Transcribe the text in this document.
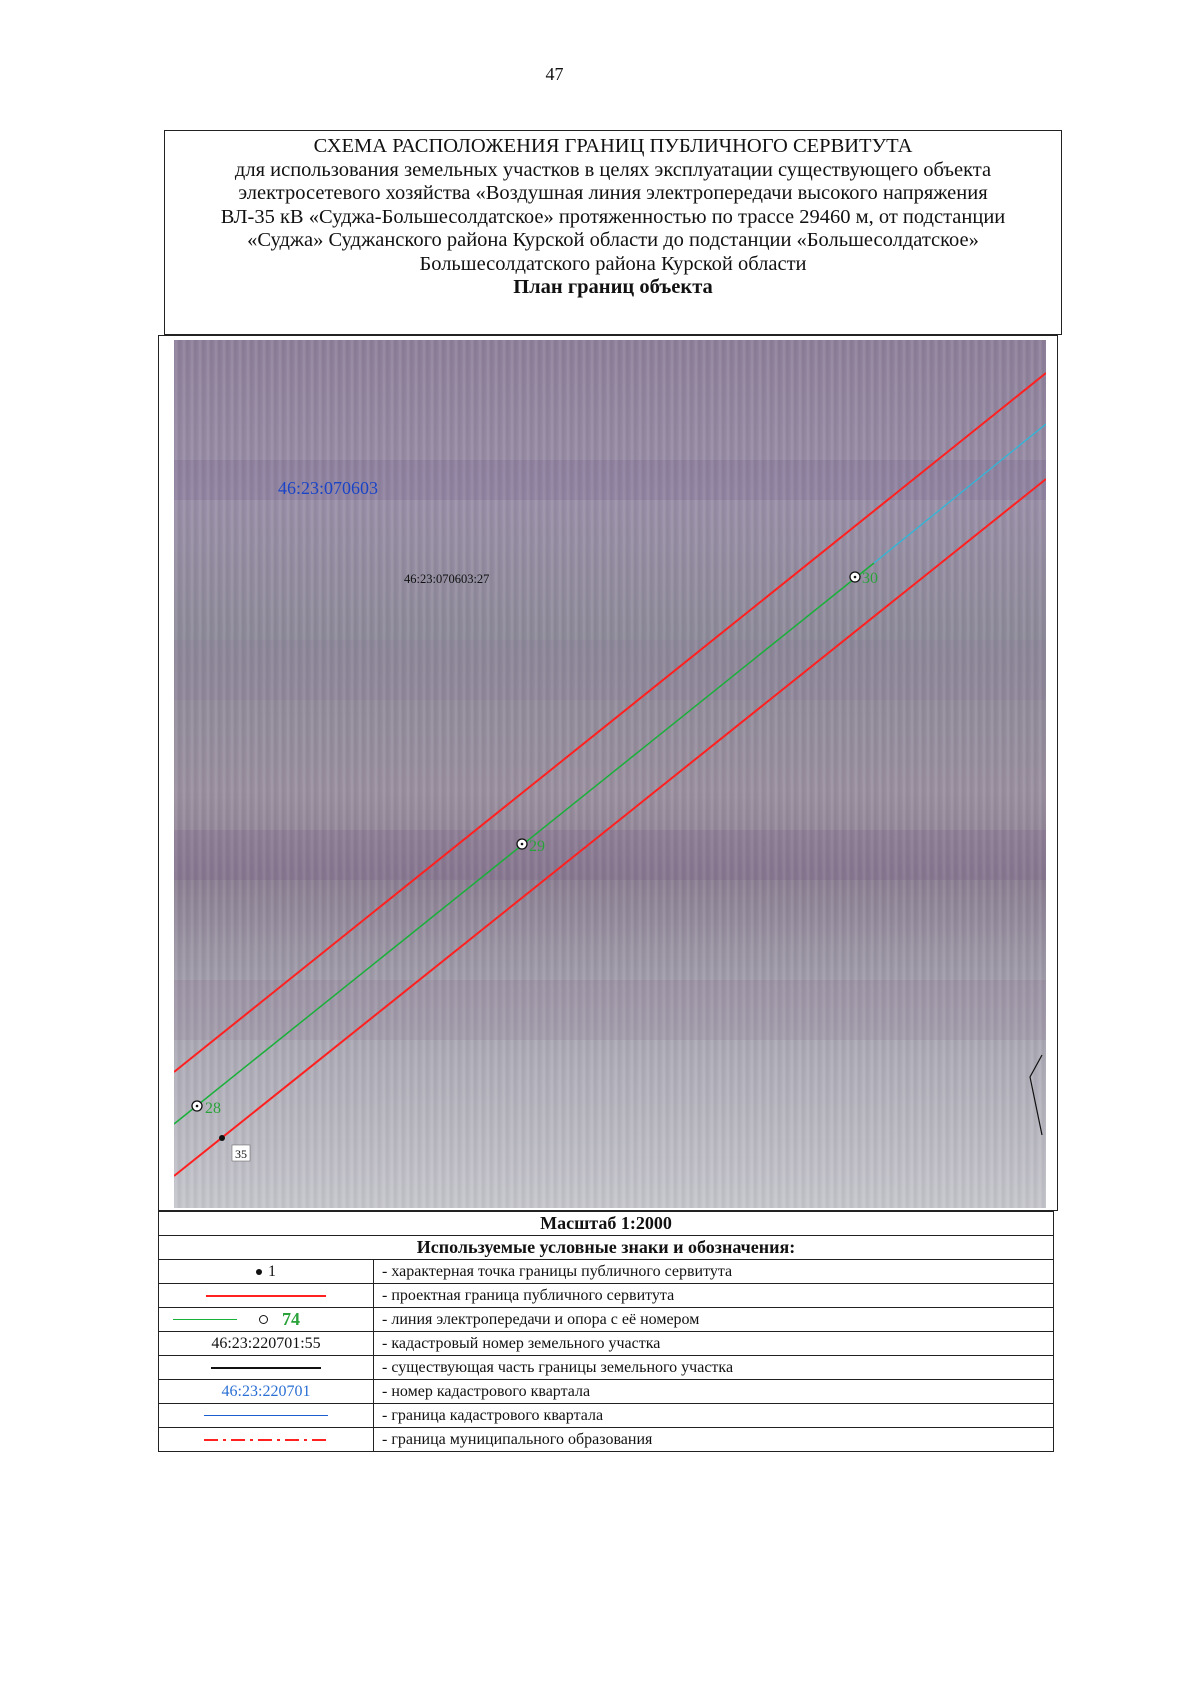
47
СХЕМА РАСПОЛОЖЕНИЯ ГРАНИЦ ПУБЛИЧНОГО СЕРВИТУТА
для использования земельных участков в целях эксплуатации существующего объекта
электросетевого хозяйства «Воздушная линия электропередачи высокого напряжения
ВЛ-35 кВ «Суджа-Большесолдатское» протяженностью по трассе 29460 м, от подстанции
«Суджа» Суджанского района Курской области до подстанции «Большесолдатское»
Большесолдатского района Курской области
План границ объекта
35
28
29
30
46:23:070603
46:23:070603:27
Масштаб 1:2000	
Используемые условные знаки и обозначения:	
1	- характерная точка границы публичного сервитута
	- проектная граница публичного сервитута
74	- линия электропередачи и опора с её номером
46:23:220701:55	- кадастровый номер земельного участка
	- существующая часть границы земельного участка
46:23:220701	- номер кадастрового квартала
	- граница кадастрового квартала
	- граница муниципального образования
